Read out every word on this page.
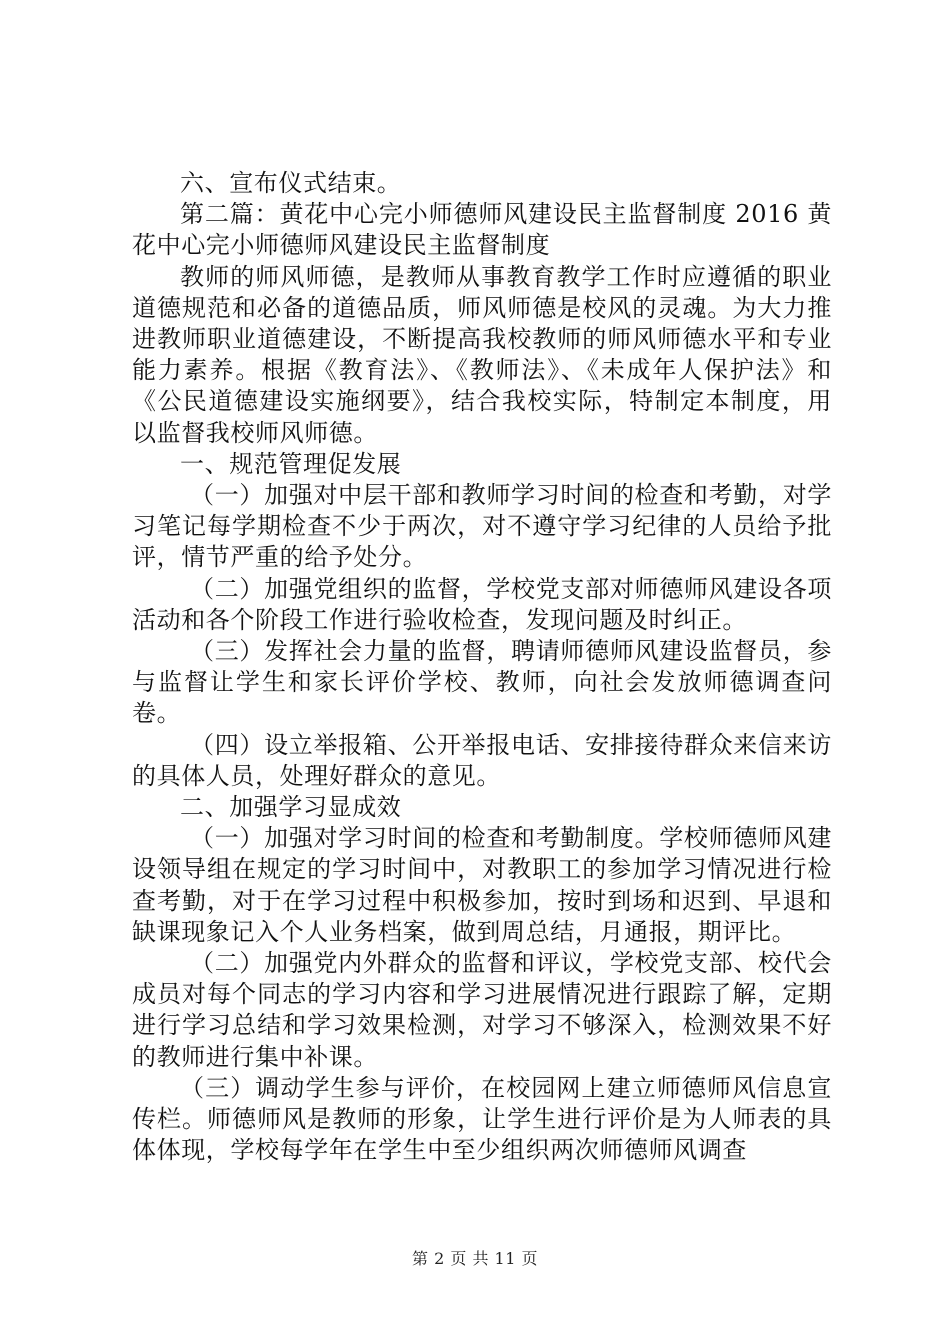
六、宣布仪式结束。

第二篇：黄花中心完小师德师风建设民主监督制度 2016 黄花中心完小师德师风建设民主监督制度

教师的师风师德，是教师从事教育教学工作时应遵循的职业道德规范和必备的道德品质，师风师德是校风的灵魂。为大力推进教师职业道德建设，不断提高我校教师的师风师德水平和专业能力素养。根据《教育法》、《教师法》、《未成年人保护法》和《公民道德建设实施纲要》，结合我校实际，特制定本制度，用以监督我校师风师德。

一、规范管理促发展

（一）加强对中层干部和教师学习时间的检查和考勤，对学习笔记每学期检查不少于两次，对不遵守学习纪律的人员给予批评，情节严重的给予处分。

（二）加强党组织的监督，学校党支部对师德师风建设各项活动和各个阶段工作进行验收检查，发现问题及时纠正。

（三）发挥社会力量的监督，聘请师德师风建设监督员，参与监督让学生和家长评价学校、教师，向社会发放师德调查问卷。

（四）设立举报箱、公开举报电话、安排接待群众来信来访的具体人员，处理好群众的意见。

二、加强学习显成效

（一）加强对学习时间的检查和考勤制度。学校师德师风建设领导组在规定的学习时间中，对教职工的参加学习情况进行检查考勤，对于在学习过程中积极参加，按时到场和迟到、早退和缺课现象记入个人业务档案，做到周总结，月通报，期评比。

（二）加强党内外群众的监督和评议，学校党支部、校代会成员对每个同志的学习内容和学习进展情况进行跟踪了解，定期进行学习总结和学习效果检测，对学习不够深入，检测效果不好的教师进行集中补课。

（三）调动学生参与评价，在校园网上建立师德师风信息宣传栏。师德师风是教师的形象，让学生进行评价是为人师表的具体体现，学校每学年在学生中至少组织两次师德师风调查

第 2 页 共 11 页
